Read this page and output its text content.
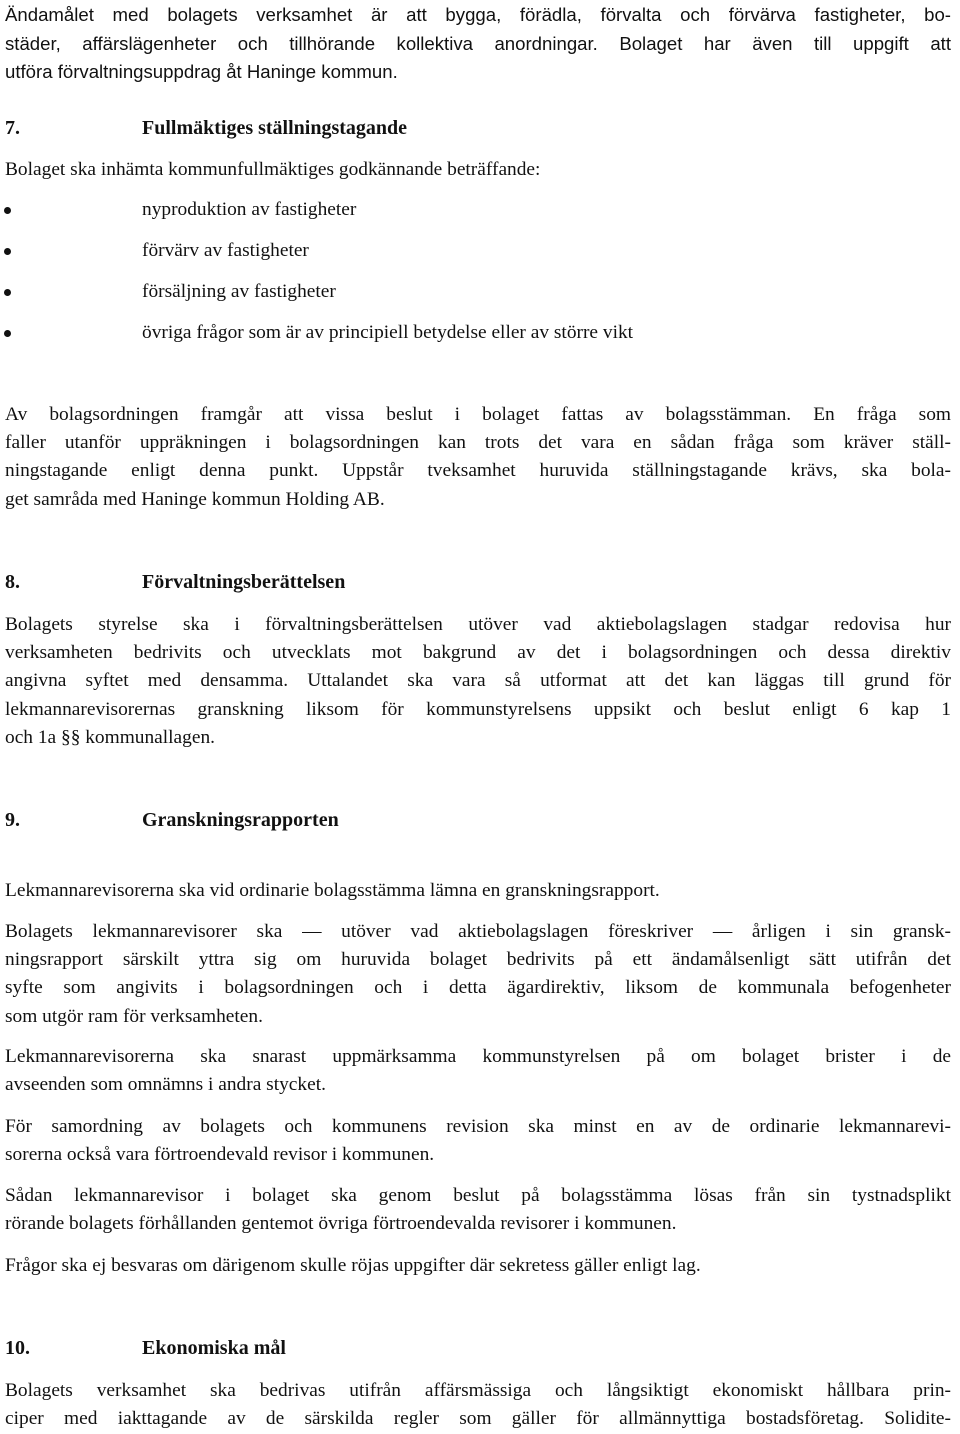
Ändamålet med bolagets verksamhet är att bygga, förädla, förvalta och förvärva fastigheter, bo-
städer, affärslägenheter och tillhörande kollektiva anordningar. Bolaget har även till uppgift att
utföra förvaltningsuppdrag åt Haninge kommun.
7.	Fullmäktiges ställningstagande
Bolaget ska inhämta kommunfullmäktiges godkännande beträffande:
nyproduktion av fastigheter
förvärv av fastigheter
försäljning av fastigheter
övriga frågor som är av principiell betydelse eller av större vikt
Av bolagsordningen framgår att vissa beslut i bolaget fattas av bolagsstämman. En fråga som
faller utanför uppräkningen i bolagsordningen kan trots det vara en sådan fråga som kräver ställ-
ningstagande enligt denna punkt. Uppstår tveksamhet huruvida ställningstagande krävs, ska bola-
get samråda med Haninge kommun Holding AB.
8.	Förvaltningsberättelsen
Bolagets styrelse ska i förvaltningsberättelsen utöver vad aktiebolagslagen stadgar redovisa hur
verksamheten bedrivits och utvecklats mot bakgrund av det i bolagsordningen och dessa direktiv
angivna syftet med densamma. Uttalandet ska vara så utformat att det kan läggas till grund för
lekmannarevisorernas granskning liksom för kommunstyrelsens uppsikt och beslut enligt 6 kap 1
och 1a §§ kommunallagen.
9.	Granskningsrapporten
Lekmannarevisorerna ska vid ordinarie bolagsstämma lämna en granskningsrapport.
Bolagets lekmannarevisorer ska — utöver vad aktiebolagslagen föreskriver — årligen i sin gransk-
ningsrapport särskilt yttra sig om huruvida bolaget bedrivits på ett ändamålsenligt sätt utifrån det
syfte som angivits i bolagsordningen och i detta ägardirektiv, liksom de kommunala befogenheter
som utgör ram för verksamheten.
Lekmannarevisorerna ska snarast uppmärksamma kommunstyrelsen på om bolaget brister i de
avseenden som omnämns i andra stycket.
För samordning av bolagets och kommunens revision ska minst en av de ordinarie lekmannarevi-
sorerna också vara förtroendevald revisor i kommunen.
Sådan lekmannarevisor i bolaget ska genom beslut på bolagsstämma lösas från sin tystnadsplikt
rörande bolagets förhållanden gentemot övriga förtroendevalda revisorer i kommunen.
Frågor ska ej besvaras om därigenom skulle röjas uppgifter där sekretess gäller enligt lag.
10.	Ekonomiska mål
Bolagets verksamhet ska bedrivas utifrån affärsmässiga och långsiktigt ekonomiskt hållbara prin-
ciper med iakttagande av de särskilda regler som gäller för allmännyttiga bostadsföretag. Solidite-
